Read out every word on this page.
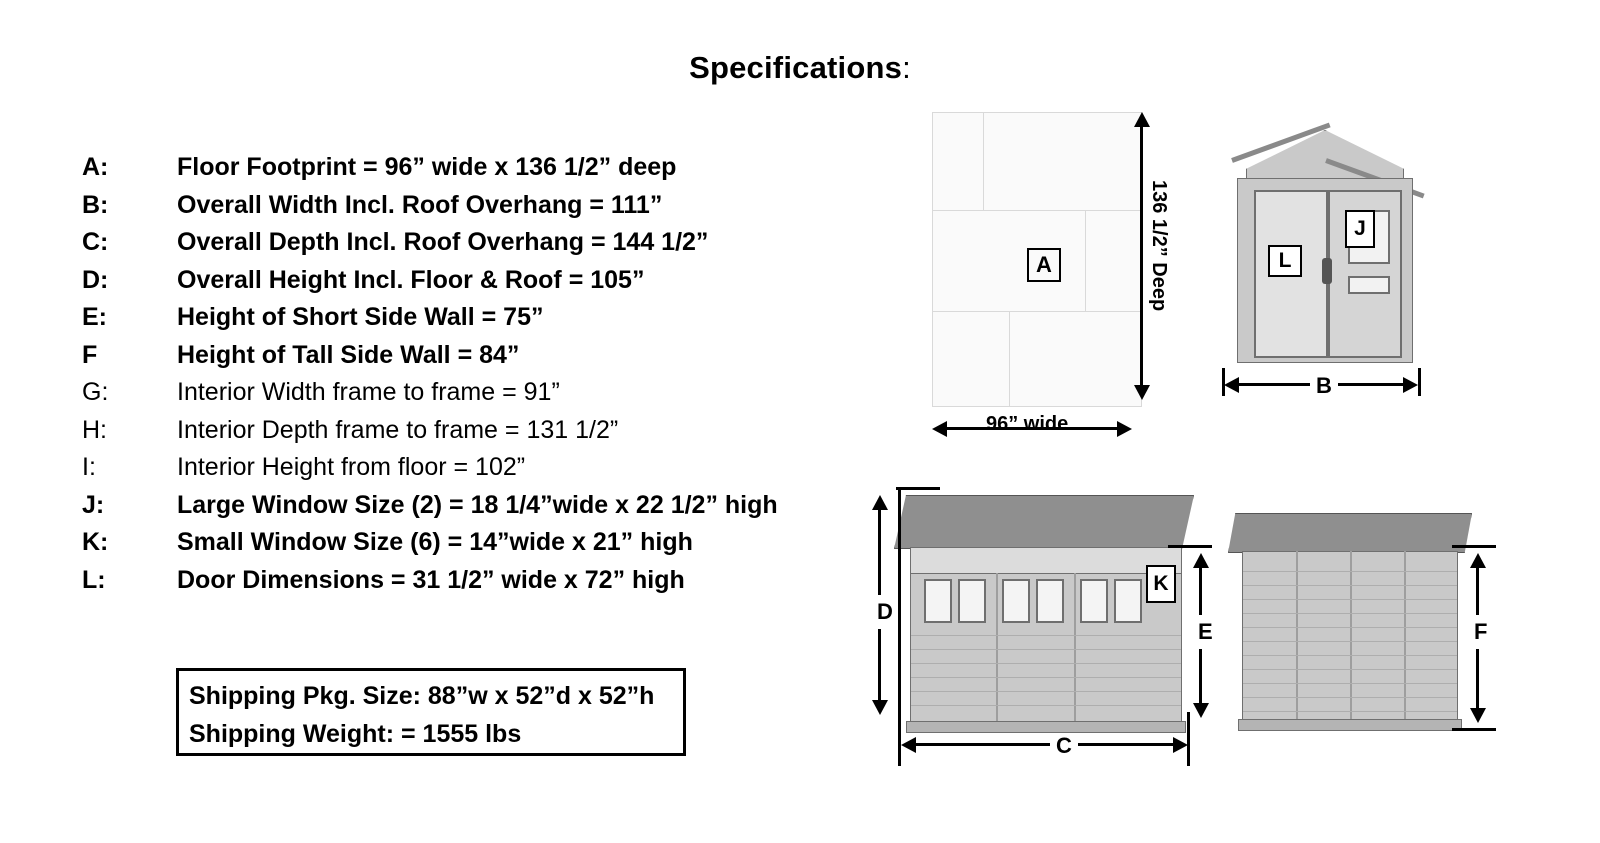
Specifications:
A:	Floor Footprint = 96” wide x 136 1/2” deep
B:	Overall Width Incl. Roof Overhang = 111”
C:	Overall Depth Incl. Roof Overhang = 144 1/2”
D:	Overall Height Incl. Floor & Roof = 105”
E:	Height of Short Side Wall = 75”
F	Height of Tall Side Wall = 84”
G:	Interior Width frame to frame = 91”
H:	Interior Depth frame to frame = 131 1/2”
I:	Interior Height from floor = 102”
J:	Large Window Size (2) = 18 1/4”wide x 22 1/2” high
K:	Small Window Size (6) = 14”wide x 21” high
L:	Door Dimensions = 31 1/2” wide x 72” high
Shipping Pkg. Size: 88”w x 52”d x 52”h
Shipping Weight: = 1555 lbs
A	136 1/2” Deep
96” wide
J
L
B
K
D
E
C
F
